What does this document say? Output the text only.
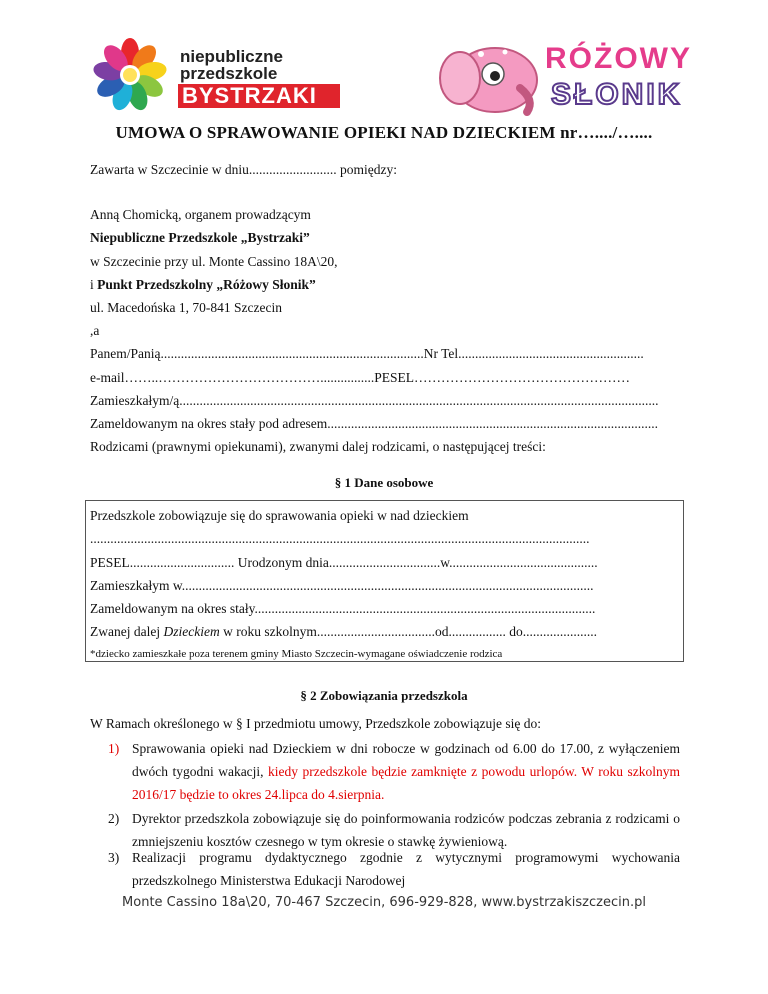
niepubliczne
przedszkole
BYSTRZAKI
RÓŻOWY
SŁONIK
UMOWA O SPRAWOWANIE OPIEKI NAD DZIECKIEM nr…..../…....
Zawarta w Szczecinie w dniu.......................... pomiędzy:
Anną Chomicką, organem prowadzącym
Niepubliczne Przedszkole „Bystrzaki”
w Szczecinie przy ul. Monte Cassino 18A\20,
i Punkt Przedszkolny „Różowy Słonik”
ul. Macedońska 1, 70-841 Szczecin
,a
Panem/Panią..............................................................................Nr Tel.......................................................
e-mail……..………………………………................PESEL…………………………………………
Zamieszkałym/ą..............................................................................................................................................
Zameldowanym na okres stały pod adresem..................................................................................................
Rodzicami (prawnymi opiekunami), zwanymi dalej rodzicami, o następującej treści:
§ 1 Dane osobowe
Przedszkole zobowiązuje się do sprawowania opieki w nad dzieckiem
....................................................................................................................................................
PESEL............................... Urodzonym dnia.................................w............................................
Zamieszkałym w..........................................................................................................................
Zameldowanym na okres stały.....................................................................................................
Zwanej dalej Dzieckiem w roku szkolnym...................................od................. do......................
*dziecko zamieszkałe poza terenem gminy Miasto Szczecin-wymagane oświadczenie rodzica
§ 2 Zobowiązania przedszkola
W Ramach określonego w § I przedmiotu umowy, Przedszkole zobowiązuje się do:
1) Sprawowania opieki nad Dzieckiem w dni robocze w godzinach od 6.00 do 17.00, z wyłączeniem dwóch tygodni wakacji, kiedy przedszkole będzie zamknięte z powodu urlopów. W roku szkolnym 2016/17 będzie to okres 24.lipca do 4.sierpnia.
2) Dyrektor przedszkola zobowiązuje się do poinformowania rodziców podczas zebrania z rodzicami o zmniejszeniu kosztów czesnego w tym okresie o stawkę żywieniową.
3) Realizacji programu dydaktycznego zgodnie z wytycznymi programowymi wychowania przedszkolnego Ministerstwa Edukacji Narodowej
Monte Cassino 18a\20, 70-467 Szczecin, 696-929-828, www.bystrzakiszczecin.pl
